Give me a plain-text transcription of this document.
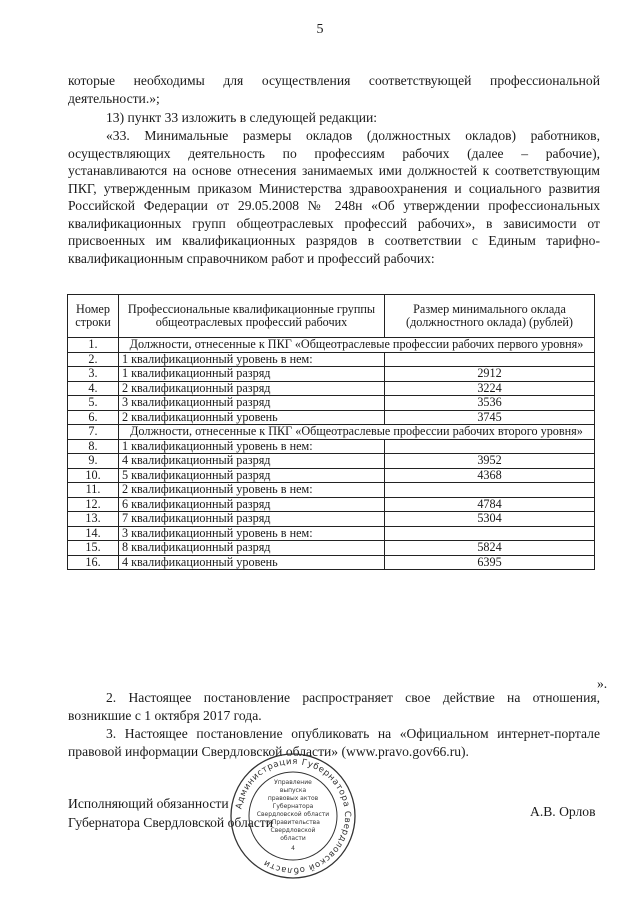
5
которые необходимы для осуществления соответствующей профессиональной деятельности.»;
13) пункт 33 изложить в следующей редакции:
«33. Минимальные размеры окладов (должностных окладов) работников, осуществляющих деятельность по профессиям рабочих (далее – рабочие), устанавливаются на основе отнесения занимаемых ими должностей к соответствующим ПКГ, утвержденным приказом Министерства здравоохранения и социального развития Российской Федерации от 29.05.2008 № 248н «Об утверждении профессиональных квалификационных групп общеотраслевых профессий рабочих», в зависимости от присвоенных им квалификационных разрядов в соответствии с Единым тарифно-квалификационным справочником работ и профессий рабочих:
Номер строки	Профессиональные квалификационные группы общеотраслевых профессий рабочих	Размер минимального оклада (должностного оклада) (рублей)
1.	Должности, отнесенные к ПКГ «Общеотраслевые профессии рабочих первого уровня»	
2.	1 квалификационный уровень в нем:	
3.	1 квалификационный разряд	2912
4.	2 квалификационный разряд	3224
5.	3 квалификационный разряд	3536
6.	2 квалификационный уровень	3745
7.	Должности, отнесенные к ПКГ «Общеотраслевые профессии рабочих второго уровня»	
8.	1 квалификационный уровень в нем:	
9.	4 квалификационный разряд	3952
10.	5 квалификационный разряд	4368
11.	2 квалификационный уровень в нем:	
12.	6 квалификационный разряд	4784
13.	7 квалификационный разряд	5304
14.	3 квалификационный уровень в нем:	
15.	8 квалификационный разряд	5824
16.	4 квалификационный уровень	6395
».
2. Настоящее постановление распространяет свое действие на отношения, возникшие с 1 октября 2017 года.
3. Настоящее постановление опубликовать на «Официальном интернет-портале правовой информации Свердловской области» (www.pravo.gov66.ru).
Исполняющий обязанности
Губернатора Свердловской области
А.В. Орлов
Администрация Губернатора Свердловской области
Управление
выпуска
правовых актов
Губернатора
Свердловской области
и Правительства
Свердловской
области
4
